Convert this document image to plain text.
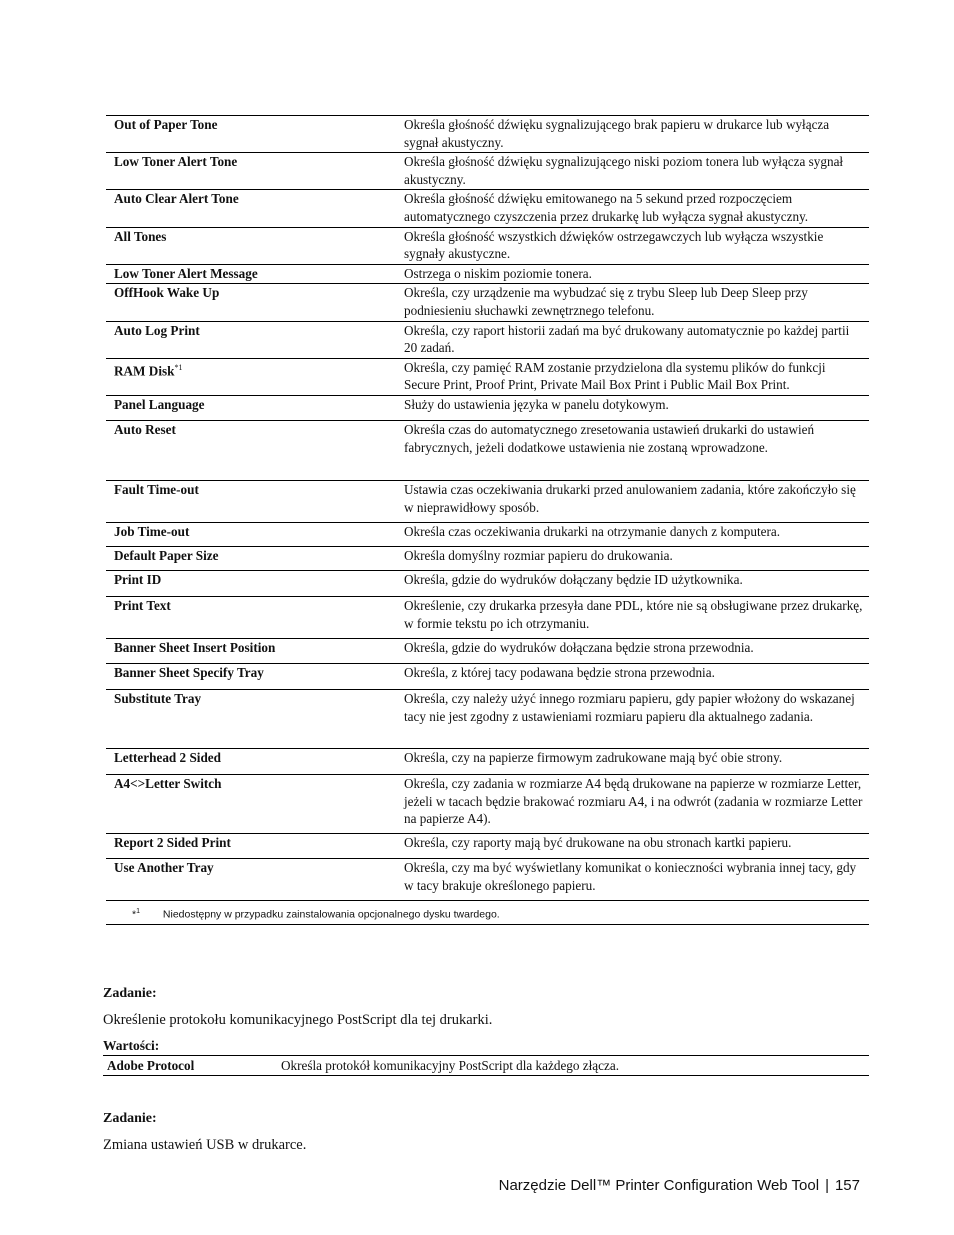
Out of Paper Tone	Określa głośność dźwięku sygnalizującego brak papieru w drukarce lub wyłącza sygnał akustyczny.
Low Toner Alert Tone	Określa głośność dźwięku sygnalizującego niski poziom tonera lub wyłącza sygnał akustyczny.
Auto Clear Alert Tone	Określa głośność dźwięku emitowanego na 5 sekund przed rozpoczęciem automatycznego czyszczenia przez drukarkę lub wyłącza sygnał akustyczny.
All Tones	Określa głośność wszystkich dźwięków ostrzegawczych lub wyłącza wszystkie sygnały akustyczne.
Low Toner Alert Message	Ostrzega o niskim poziomie tonera.
OffHook Wake Up	Określa, czy urządzenie ma wybudzać się z trybu Sleep lub Deep Sleep przy podniesieniu słuchawki zewnętrznego telefonu.
Auto Log Print	Określa, czy raport historii zadań ma być drukowany automatycznie po każdej partii 20 zadań.
RAM Disk$^{*1}$	Określa, czy pamięć RAM zostanie przydzielona dla systemu plików do funkcji Secure Print, Proof Print, Private Mail Box Print i Public Mail Box Print.
Panel Language	Służy do ustawienia języka w panelu dotykowym.
Auto Reset	Określa czas do automatycznego zresetowania ustawień drukarki do ustawień fabrycznych, jeżeli dodatkowe ustawienia nie zostaną wprowadzone.
Fault Time-out	Ustawia czas oczekiwania drukarki przed anulowaniem zadania, które zakończyło się w nieprawidłowy sposób.
Job Time-out	Określa czas oczekiwania drukarki na otrzymanie danych z komputera.
Default Paper Size	Określa domyślny rozmiar papieru do drukowania.
Print ID	Określa, gdzie do wydruków dołączany będzie ID użytkownika.
Print Text	Określenie, czy drukarka przesyła dane PDL, które nie są obsługiwane przez drukarkę, w formie tekstu po ich otrzymaniu.
Banner Sheet Insert Position	Określa, gdzie do wydruków dołączana będzie strona przewodnia.
Banner Sheet Specify Tray	Określa, z której tacy podawana będzie strona przewodnia.
Substitute Tray	Określa, czy należy użyć innego rozmiaru papieru, gdy papier włożony do wskazanej tacy nie jest zgodny z ustawieniami rozmiaru papieru dla aktualnego zadania.
Letterhead 2 Sided	Określa, czy na papierze firmowym zadrukowane mają być obie strony.
A4<>Letter Switch	Określa, czy zadania w rozmiarze A4 będą drukowane na papierze w rozmiarze Letter, jeżeli w tacach będzie brakować rozmiaru A4, i na odwrót (zadania w rozmiarze Letter na papierze A4).
Report 2 Sided Print	Określa, czy raporty mają być drukowane na obu stronach kartki papieru.
Use Another Tray	Określa, czy ma być wyświetlany komunikat o konieczności wybrania innej tacy, gdy w tacy brakuje określonego papieru.
*$^1$ Niedostępny w przypadku zainstalowania opcjonalnego dysku twardego.	
Zadanie:
Określenie protokołu komunikacyjnego PostScript dla tej drukarki.
Wartości:
Adobe Protocol	Określa protokół komunikacyjny PostScript dla każdego złącza.
Zadanie:
Zmiana ustawień USB w drukarce.
Narzędzie Dell™ Printer Configuration Web Tool | 157
